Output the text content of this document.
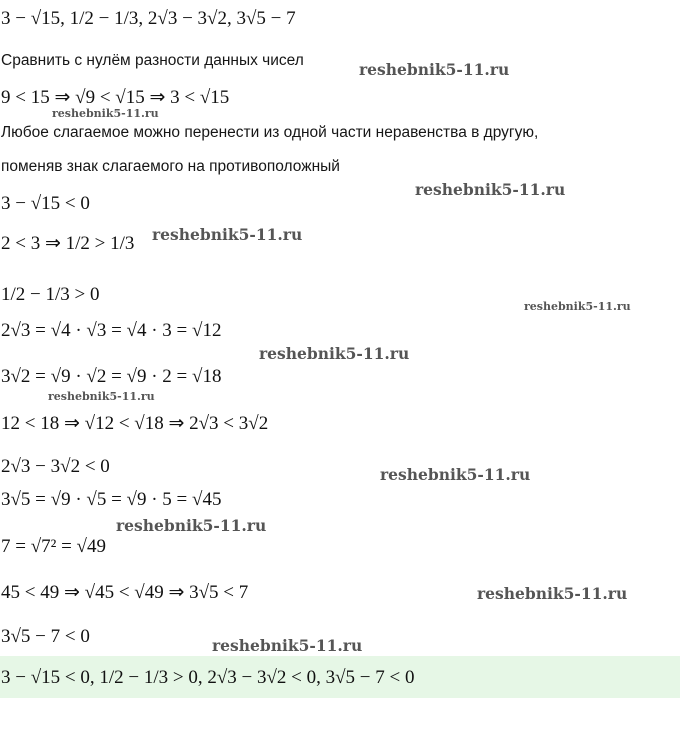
3 − √15, 1/2 − 1/3, 2√3 − 3√2, 3√5 − 7
Сравнить с нулём разности данных чисел
9 < 15 ⇒ √9 < √15 ⇒ 3 < √15
Любое слагаемое можно перенести из одной части неравенства в другую,
поменяв знак слагаемого на противоположный
3 − √15 < 0
2 < 3 ⇒ 1/2 > 1/3
1/2 − 1/3 > 0
2√3 = √4 · √3 = √4 · 3 = √12
3√2 = √9 · √2 = √9 · 2 = √18
12 < 18 ⇒ √12 < √18 ⇒ 2√3 < 3√2
2√3 − 3√2 < 0
3√5 = √9 · √5 = √9 · 5 = √45
7 = √7² = √49
45 < 49 ⇒ √45 < √49 ⇒ 3√5 < 7
3√5 − 7 < 0
3 − √15 < 0, 1/2 − 1/3 > 0, 2√3 − 3√2 < 0, 3√5 − 7 < 0
reshebnik5-11.ru
reshebnik5-11.ru
reshebnik5-11.ru
reshebnik5-11.ru
reshebnik5-11.ru
reshebnik5-11.ru
reshebnik5-11.ru
reshebnik5-11.ru
reshebnik5-11.ru
reshebnik5-11.ru
reshebnik5-11.ru
